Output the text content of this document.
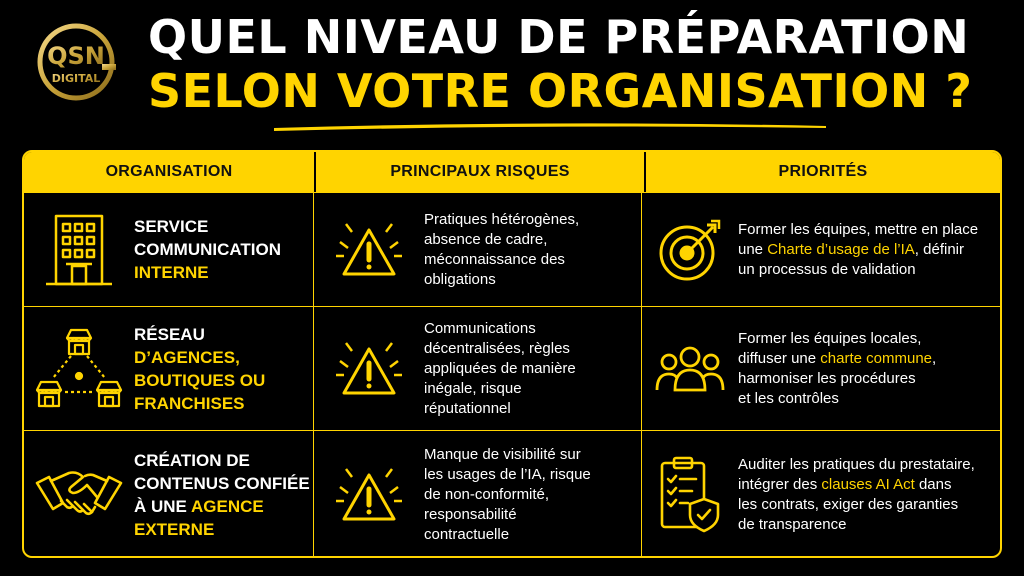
QSN
DIGITAL
QUEL NIVEAU DE PRÉPARATION
SELON VOTRE ORGANISATION ?
ORGANISATION	PRINCIPAUX RISQUES	PRIORITÉS
SERVICE
COMMUNICATION
INTERNE
Pratiques hétérogènes,
absence de cadre,
méconnaissance des
obligations
Former les équipes, mettre en place
une Charte d’usage de l’IA, définir
un processus de validation
RÉSEAU
D’AGENCES,
BOUTIQUES OU
FRANCHISES
Communications
décentralisées, règles
appliquées de manière
inégale, risque
réputationnel
Former les équipes locales,
diffuser une charte commune,
harmoniser les procédures
et les contrôles
CRÉATION DE
CONTENUS CONFIÉE
À UNE AGENCE
EXTERNE
Manque de visibilité sur
les usages de l’IA, risque
de non-conformité,
responsabilité
contractuelle
Auditer les pratiques du prestataire,
intégrer des clauses AI Act dans
les contrats, exiger des garanties
de transparence
